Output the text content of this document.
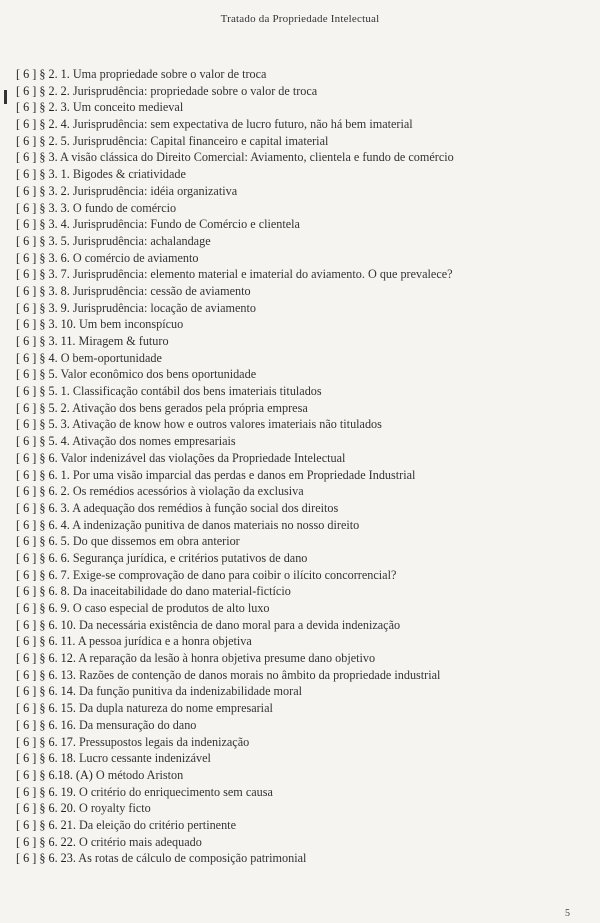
Tratado da Propriedade Intelectual
[ 6 ] § 2. 1. Uma propriedade sobre o valor de troca
[ 6 ] § 2. 2. Jurisprudência: propriedade sobre o valor de troca
[ 6 ] § 2. 3. Um conceito medieval
[ 6 ] § 2. 4. Jurisprudência: sem expectativa de lucro futuro, não há bem imaterial
[ 6 ] § 2. 5. Jurisprudência: Capital financeiro e capital imaterial
[ 6 ] § 3. A visão clássica do Direito Comercial: Aviamento, clientela e fundo de comércio
[ 6 ] § 3. 1. Bigodes & criatividade
[ 6 ] § 3. 2. Jurisprudência: idéia organizativa
[ 6 ] § 3. 3. O fundo de comércio
[ 6 ] § 3. 4. Jurisprudência: Fundo de Comércio e clientela
[ 6 ] § 3. 5. Jurisprudência: achalandage
[ 6 ] § 3. 6. O comércio de aviamento
[ 6 ] § 3. 7. Jurisprudência: elemento material e imaterial do aviamento. O que prevalece?
[ 6 ] § 3. 8. Jurisprudência: cessão de aviamento
[ 6 ] § 3. 9. Jurisprudência: locação de aviamento
[ 6 ] § 3. 10. Um bem inconspícuo
[ 6 ] § 3. 11. Miragem & futuro
[ 6 ] § 4. O bem-oportunidade
[ 6 ] § 5. Valor econômico dos bens oportunidade
[ 6 ] § 5. 1. Classificação contábil dos bens imateriais titulados
[ 6 ] § 5. 2. Ativação dos bens gerados pela própria empresa
[ 6 ] § 5. 3. Ativação de know how e outros valores imateriais não titulados
[ 6 ] § 5. 4. Ativação dos nomes empresariais
[ 6 ] § 6. Valor indenizável das violações da Propriedade Intelectual
[ 6 ] § 6. 1. Por uma visão imparcial das perdas e danos em Propriedade Industrial
[ 6 ] § 6. 2. Os remédios acessórios à violação da exclusiva
[ 6 ] § 6. 3. A adequação dos remédios à função social dos direitos
[ 6 ] § 6. 4. A indenização punitiva de danos materiais no nosso direito
[ 6 ] § 6. 5. Do que dissemos em obra anterior
[ 6 ] § 6. 6. Segurança jurídica, e critérios putativos de dano
[ 6 ] § 6. 7. Exige-se comprovação de dano para coibir o ilícito concorrencial?
[ 6 ] § 6. 8. Da inaceitabilidade do dano material-fictício
[ 6 ] § 6. 9. O caso especial de produtos de alto luxo
[ 6 ] § 6. 10. Da necessária existência de dano moral para a devida indenização
[ 6 ] § 6. 11. A pessoa jurídica e a honra objetiva
[ 6 ] § 6. 12. A reparação da lesão à honra objetiva presume dano objetivo
[ 6 ] § 6. 13. Razões de contenção de danos morais no âmbito da propriedade industrial
[ 6 ] § 6. 14. Da função punitiva da indenizabilidade moral
[ 6 ] § 6. 15. Da dupla natureza do nome empresarial
[ 6 ] § 6. 16. Da mensuração do dano
[ 6 ] § 6. 17. Pressupostos legais da indenização
[ 6 ] § 6. 18. Lucro cessante indenizável
[ 6 ] § 6.18. (A) O método Ariston
[ 6 ] § 6. 19. O critério do enriquecimento sem causa
[ 6 ] § 6. 20. O royalty ficto
[ 6 ] § 6. 21. Da eleição do critério pertinente
[ 6 ] § 6. 22. O critério mais adequado
[ 6 ] § 6. 23. As rotas de cálculo de composição patrimonial
5
